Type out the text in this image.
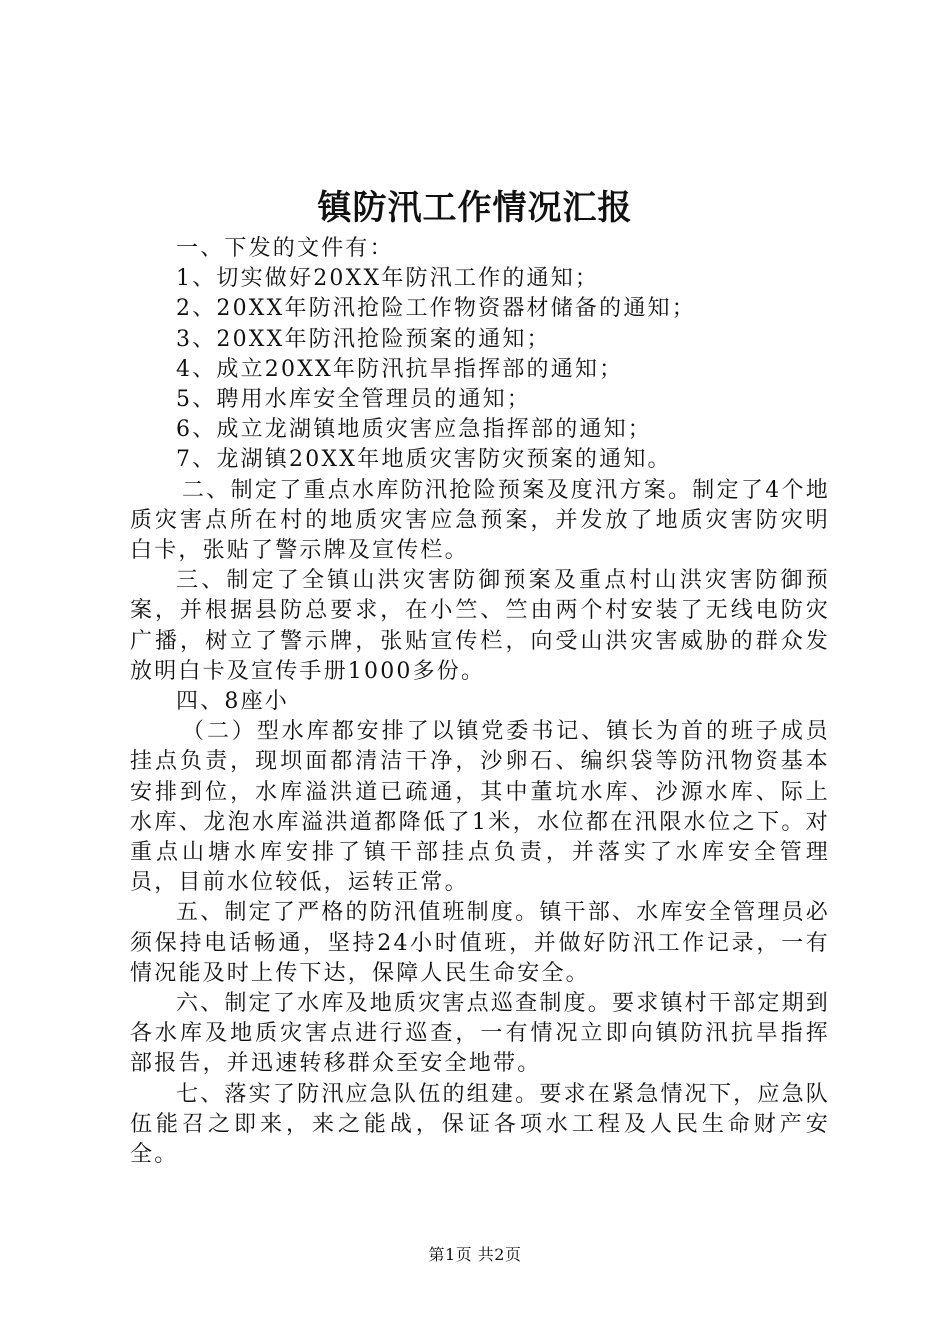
镇防汛工作情况汇报

一、下发的文件有：

1、切实做好20XX年防汛工作的通知；

2、20XX年防汛抢险工作物资器材储备的通知；

3、20XX年防汛抢险预案的通知；

4、成立20XX年防汛抗旱指挥部的通知；

5、聘用水库安全管理员的通知；

6、成立龙湖镇地质灾害应急指挥部的通知；

7、龙湖镇20XX年地质灾害防灾预案的通知。

二、制定了重点水库防汛抢险预案及度汛方案。制定了4个地质灾害点所在村的地质灾害应急预案，并发放了地质灾害防灾明白卡，张贴了警示牌及宣传栏。

三、制定了全镇山洪灾害防御预案及重点村山洪灾害防御预案，并根据县防总要求，在小竺、竺由两个村安装了无线电防灾广播，树立了警示牌，张贴宣传栏，向受山洪灾害威胁的群众发放明白卡及宣传手册1000多份。

四、8座小

（二）型水库都安排了以镇党委书记、镇长为首的班子成员挂点负责，现坝面都清洁干净，沙卵石、编织袋等防汛物资基本安排到位，水库溢洪道已疏通，其中董坑水库、沙源水库、际上水库、龙泡水库溢洪道都降低了1米，水位都在汛限水位之下。对重点山塘水库安排了镇干部挂点负责，并落实了水库安全管理员，目前水位较低，运转正常。

五、制定了严格的防汛值班制度。镇干部、水库安全管理员必须保持电话畅通，坚持24小时值班，并做好防汛工作记录，一有情况能及时上传下达，保障人民生命安全。

六、制定了水库及地质灾害点巡查制度。要求镇村干部定期到各水库及地质灾害点进行巡查，一有情况立即向镇防汛抗旱指挥部报告，并迅速转移群众至安全地带。

七、落实了防汛应急队伍的组建。要求在紧急情况下，应急队伍能召之即来，来之能战，保证各项水工程及人民生命财产安全。

第1页 共2页
